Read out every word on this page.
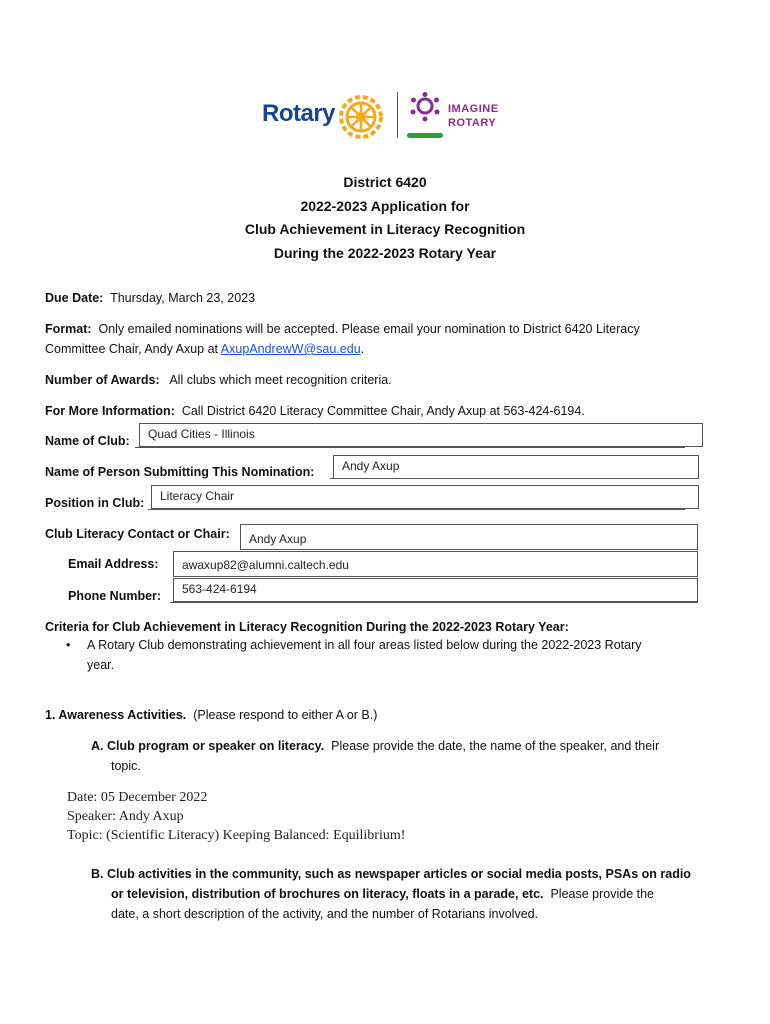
Rotary	IMAGINE
ROTARY
District 6420
2022-2023 Application for
Club Achievement in Literacy Recognition
During the 2022-2023 Rotary Year
Due Date: Thursday, March 23, 2023
Format: Only emailed nominations will be accepted. Please email your nomination to District 6420 Literacy
Committee Chair, Andy Axup at AxupAndrewW@sau.edu.
Number of Awards: All clubs which meet recognition criteria.
For More Information: Call District 6420 Literacy Committee Chair, Andy Axup at 563-424-6194.
Name of Club:	Quad Cities - Illinois
Name of Person Submitting This Nomination:	Andy Axup
Position in Club:	Literacy Chair
Club Literacy Contact or Chair:	Andy Axup
Email Address:	awaxup82@alumni.caltech.edu
Phone Number:	563-424-6194
Criteria for Club Achievement in Literacy Recognition During the 2022-2023 Rotary Year:
• A Rotary Club demonstrating achievement in all four areas listed below during the 2022-2023 Rotary
year.
1. Awareness Activities. (Please respond to either A or B.)
A. Club program or speaker on literacy. Please provide the date, the name of the speaker, and their
topic.
Date: 05 December 2022
Speaker: Andy Axup
Topic: (Scientific Literacy) Keeping Balanced: Equilibrium!
B. Club activities in the community, such as newspaper articles or social media posts, PSAs on radio
or television, distribution of brochures on literacy, floats in a parade, etc. Please provide the
date, a short description of the activity, and the number of Rotarians involved.
